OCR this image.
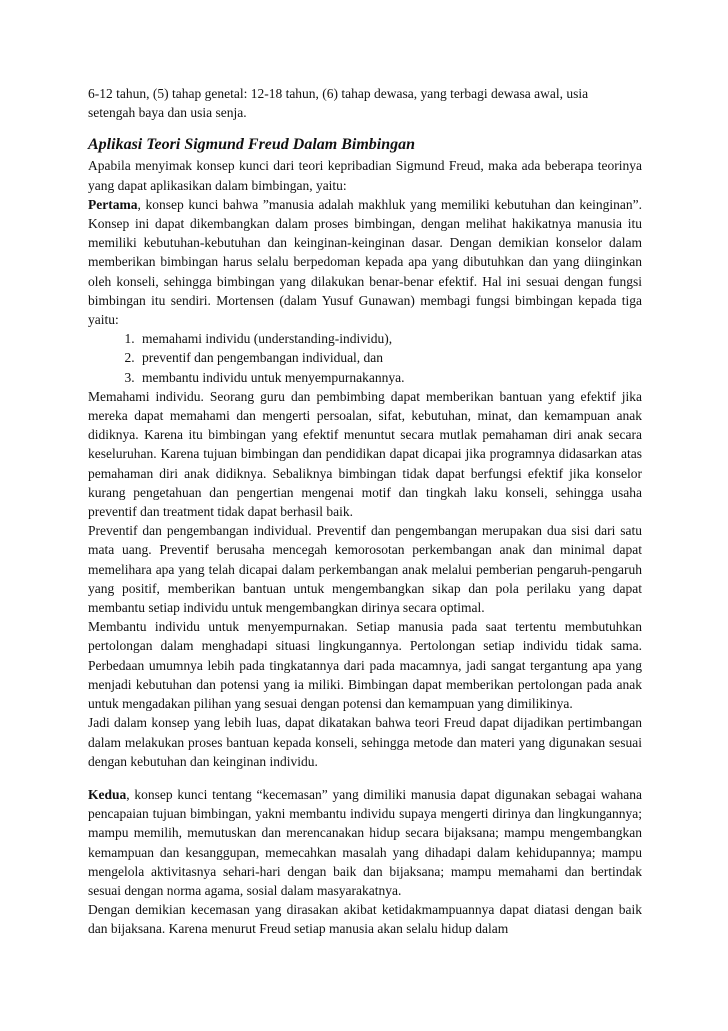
6-12 tahun, (5) tahap genetal: 12-18 tahun, (6) tahap dewasa, yang terbagi dewasa awal, usia
setengah baya dan usia senja.

Aplikasi Teori Sigmund Freud Dalam Bimbingan

Apabila menyimak konsep kunci dari teori kepribadian Sigmund Freud, maka ada beberapa teorinya yang dapat aplikasikan dalam bimbingan, yaitu:

Pertama, konsep kunci bahwa ”manusia adalah makhluk yang memiliki kebutuhan dan keinginan”. Konsep ini dapat dikembangkan dalam proses bimbingan, dengan melihat hakikatnya manusia itu memiliki kebutuhan-kebutuhan dan keinginan-keinginan dasar. Dengan demikian konselor dalam memberikan bimbingan harus selalu berpedoman kepada apa yang dibutuhkan dan yang diinginkan oleh konseli, sehingga bimbingan yang dilakukan benar-benar efektif. Hal ini sesuai dengan fungsi bimbingan itu sendiri. Mortensen (dalam Yusuf Gunawan) membagi fungsi bimbingan kepada tiga yaitu:

1. memahami individu (understanding-individu),
2. preventif dan pengembangan individual, dan
3. membantu individu untuk menyempurnakannya.

Memahami individu. Seorang guru dan pembimbing dapat memberikan bantuan yang efektif jika mereka dapat memahami dan mengerti persoalan, sifat, kebutuhan, minat, dan kemampuan anak didiknya. Karena itu bimbingan yang efektif menuntut secara mutlak pemahaman diri anak secara keseluruhan. Karena tujuan bimbingan dan pendidikan dapat dicapai jika programnya didasarkan atas pemahaman diri anak didiknya. Sebaliknya bimbingan tidak dapat berfungsi efektif jika konselor kurang pengetahuan dan pengertian mengenai motif dan tingkah laku konseli, sehingga usaha preventif dan treatment tidak dapat berhasil baik.

Preventif dan pengembangan individual. Preventif dan pengembangan merupakan dua sisi dari satu mata uang. Preventif berusaha mencegah kemorosotan perkembangan anak dan minimal dapat memelihara apa yang telah dicapai dalam perkembangan anak melalui pemberian pengaruh-pengaruh yang positif, memberikan bantuan untuk mengembangkan sikap dan pola perilaku yang dapat membantu setiap individu untuk mengembangkan dirinya secara optimal.

Membantu individu untuk menyempurnakan. Setiap manusia pada saat tertentu membutuhkan pertolongan dalam menghadapi situasi lingkungannya. Pertolongan setiap individu tidak sama. Perbedaan umumnya lebih pada tingkatannya dari pada macamnya, jadi sangat tergantung apa yang menjadi kebutuhan dan potensi yang ia miliki. Bimbingan dapat memberikan pertolongan pada anak untuk mengadakan pilihan yang sesuai dengan potensi dan kemampuan yang dimilikinya.

Jadi dalam konsep yang lebih luas, dapat dikatakan bahwa teori Freud dapat dijadikan pertimbangan dalam melakukan proses bantuan kepada konseli, sehingga metode dan materi yang digunakan sesuai dengan kebutuhan dan keinginan individu.

Kedua, konsep kunci tentang “kecemasan” yang dimiliki manusia dapat digunakan sebagai wahana pencapaian tujuan bimbingan, yakni membantu individu supaya mengerti dirinya dan lingkungannya; mampu memilih, memutuskan dan merencanakan hidup secara bijaksana; mampu mengembangkan kemampuan dan kesanggupan, memecahkan masalah yang dihadapi dalam kehidupannya; mampu mengelola aktivitasnya sehari-hari dengan baik dan bijaksana; mampu memahami dan bertindak sesuai dengan norma agama, sosial dalam masyarakatnya.

Dengan demikian kecemasan yang dirasakan akibat ketidakmampuannya dapat diatasi dengan baik dan bijaksana. Karena menurut Freud setiap manusia akan selalu hidup dalam
